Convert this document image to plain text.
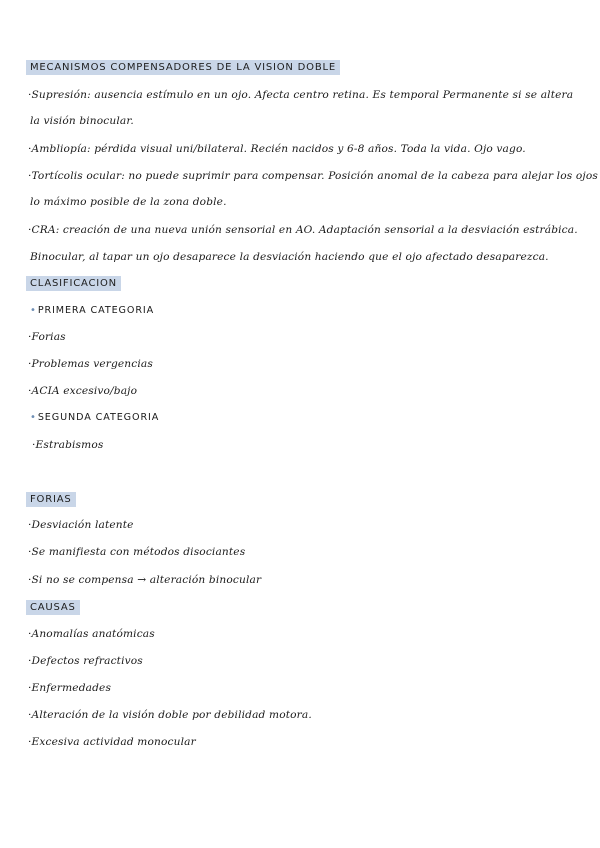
MECANISMOS COMPENSADORES DE LA VISION DOBLE
·Supresión: ausencia estímulo en un ojo. Afecta centro retina. Es temporal Permanente si se altera
la visión binocular.
·Ambliopía: pérdida visual uni/bilateral. Recién nacidos y 6-8 años. Toda la vida. Ojo vago.
·Tortícolis ocular: no puede suprimir para compensar. Posición anomal de la cabeza para alejar los ojos
lo máximo posible de la zona doble.
·CRA: creación de una nueva unión sensorial en AO. Adaptación sensorial a la desviación estrábica.
Binocular, al tapar un ojo desaparece la desviación haciendo que el ojo afectado desaparezca.
CLASIFICACION
•PRIMERA CATEGORIA
·Forias
·Problemas vergencias
·ACIA excesivo/bajo
•SEGUNDA CATEGORIA
·Estrabismos
FORIAS
·Desviación latente
·Se manifiesta con métodos disociantes
·Si no se compensa → alteración binocular
CAUSAS
·Anomalías anatómicas
·Defectos refractivos
·Enfermedades
·Alteración de la visión doble por debilidad motora.
·Excesiva actividad monocular
